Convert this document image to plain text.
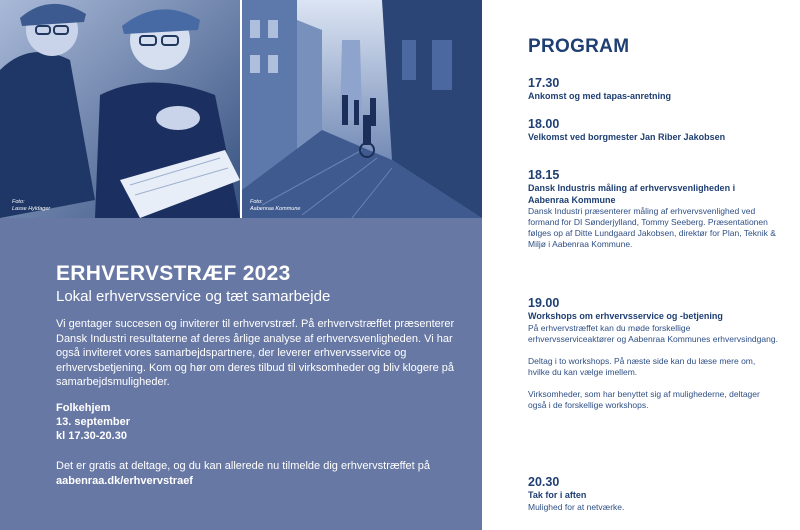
Foto:
Lasse Hyldager
Foto:
Aabenraa Kommune
ERHVERVSTRÆF 2023
Lokal erhvervsservice og tæt samarbejde
Vi gentager succesen og inviterer til erhvervstræf. På erhvervstræffet præsenterer Dansk Industri resultaterne af deres årlige analyse af erhvervsvenligheden. Vi har også inviteret vores samarbejdspartnere, der leverer erhvervsservice og erhvervsbetjening. Kom og hør om deres tilbud til virksomheder og bliv klogere på samarbejdsmuligheder.
Folkehjem
13. september
kl 17.30-20.30
Det er gratis at deltage, og du kan allerede nu tilmelde dig erhvervstræffet på aabenraa.dk/erhvervstraef
PROGRAM
17.30
Ankomst og med tapas-anretning
18.00
Velkomst ved borgmester Jan Riber Jakobsen
18.15
Dansk Industris måling af erhvervsvenligheden i Aabenraa Kommune
Dansk Industri præsenterer måling af erhvervsvenlighed ved formand for DI Sønderjylland, Tommy Seeberg. Præsentationen følges op af Ditte Lundgaard Jakobsen, direktør for Plan, Teknik & Miljø i Aabenraa Kommune.
19.00
Workshops om erhvervsservice og -betjening
På erhvervstræffet kan du møde forskellige erhvervsserviceaktører og Aabenraa Kommunes erhvervsindgang.
Deltag i to workshops. På næste side kan du læse mere om, hvilke du kan vælge imellem.
Virksomheder, som har benyttet sig af mulighederne, deltager også i de forskellige workshops.
20.30
Tak for i aften
Mulighed for at netværke.
